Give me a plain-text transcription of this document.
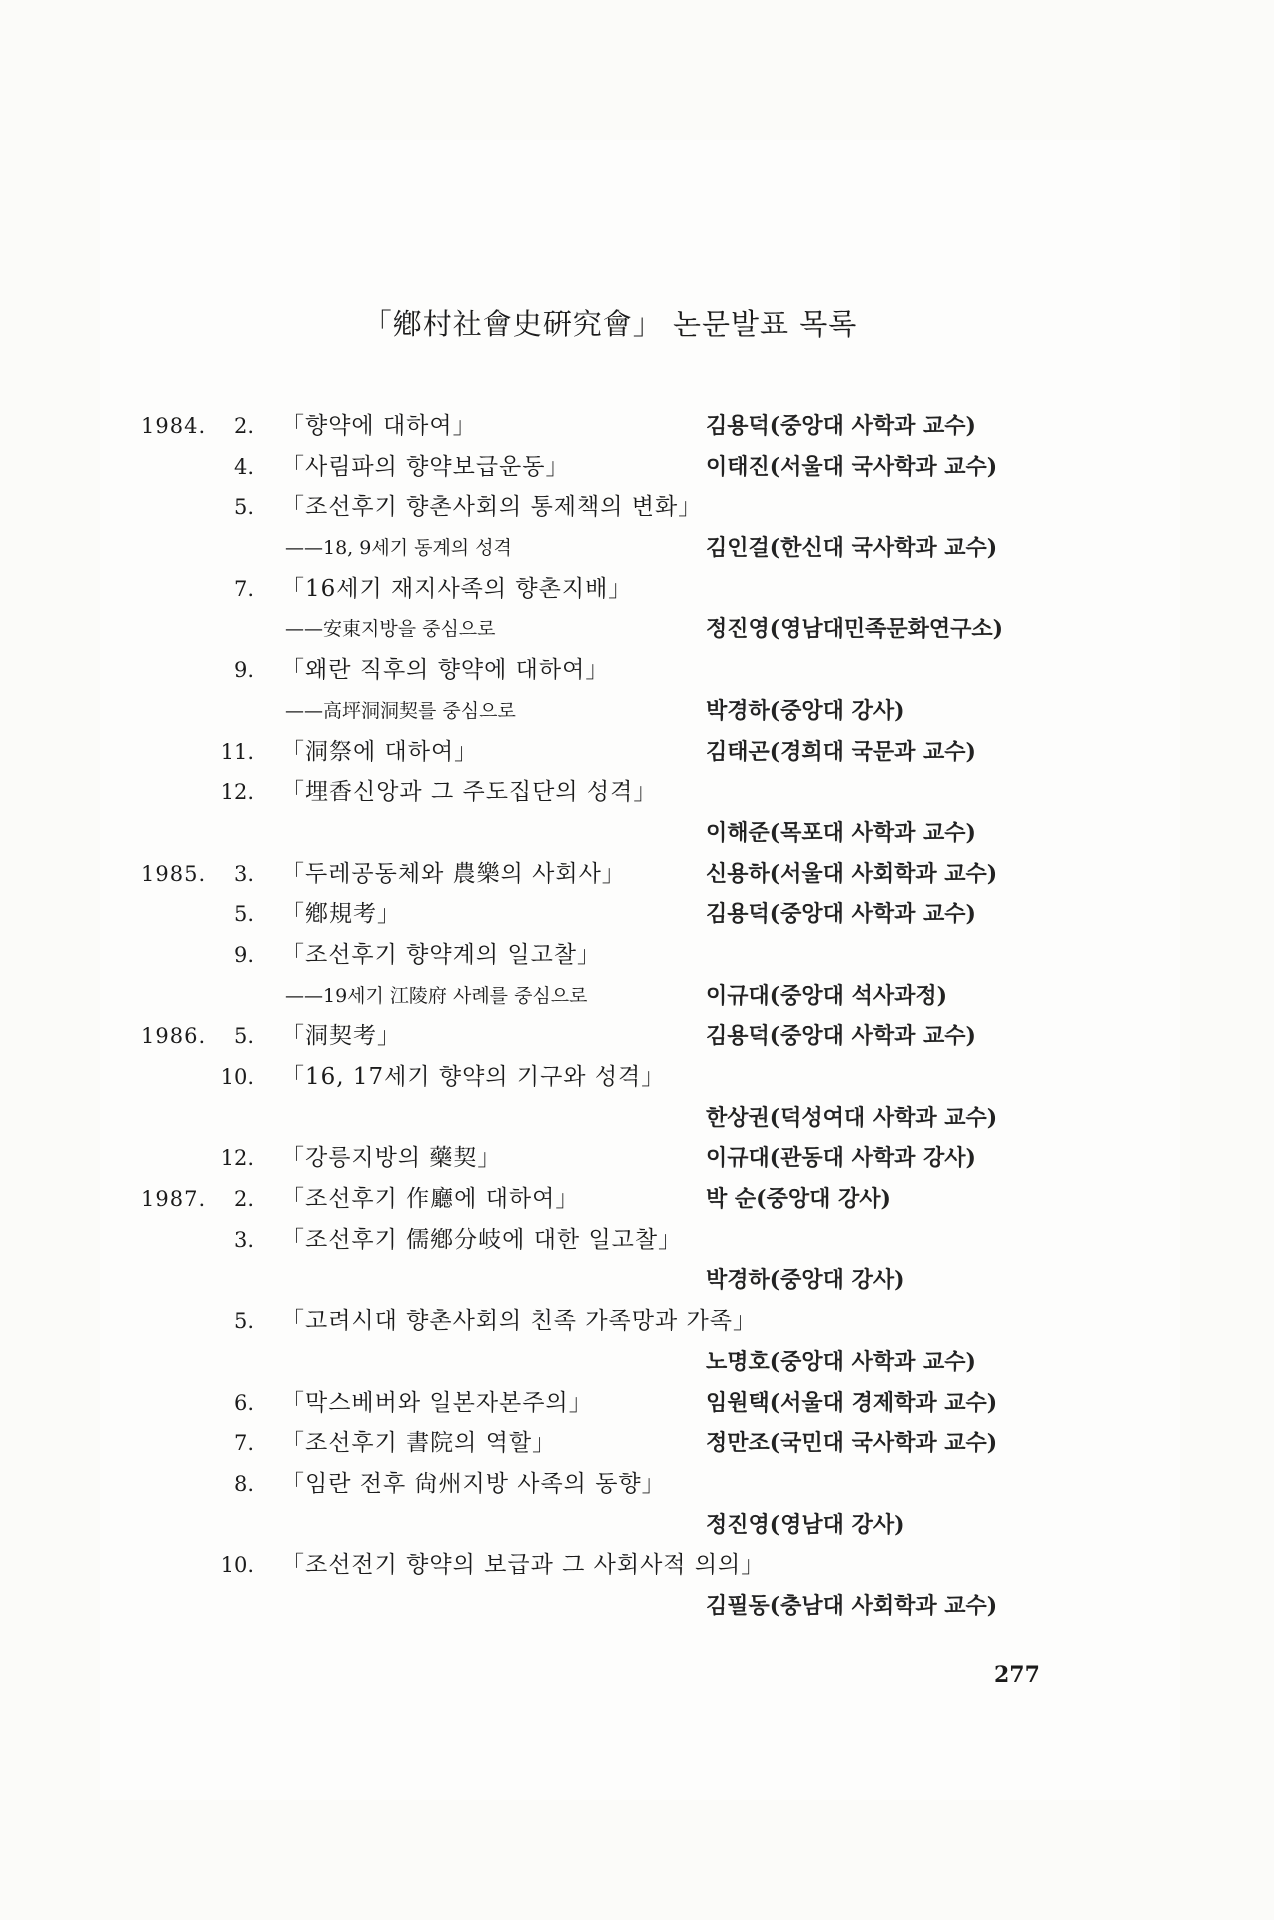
「鄕村社會史硏究會」 논문발표 목록
1984.	2. 「향약에 대하여」	김용덕(중앙대 사학과 교수)
4. 「사림파의 향약보급운동」	이태진(서울대 국사학과 교수)
5. 「조선후기 향촌사회의 통제책의 변화」
——18, 9세기 동계의 성격	김인걸(한신대 국사학과 교수)
7. 「16세기 재지사족의 향촌지배」
——安東지방을 중심으로	정진영(영남대민족문화연구소)
9. 「왜란 직후의 향약에 대하여」
——高坪洞洞契를 중심으로	박경하(중앙대 강사)
11. 「洞祭에 대하여」	김태곤(경희대 국문과 교수)
12. 「埋香신앙과 그 주도집단의 성격」
이해준(목포대 사학과 교수)
1985.	3. 「두레공동체와 農樂의 사회사」	신용하(서울대 사회학과 교수)
5. 「鄕規考」	김용덕(중앙대 사학과 교수)
9. 「조선후기 향약계의 일고찰」
——19세기 江陵府 사례를 중심으로	이규대(중앙대 석사과정)
1986.	5. 「洞契考」	김용덕(중앙대 사학과 교수)
10. 「16, 17세기 향약의 기구와 성격」
한상권(덕성여대 사학과 교수)
12. 「강릉지방의 藥契」	이규대(관동대 사학과 강사)
1987.	2. 「조선후기 作廳에 대하여」	박 순(중앙대 강사)
3. 「조선후기 儒鄕分岐에 대한 일고찰」
박경하(중앙대 강사)
5. 「고려시대 향촌사회의 친족 가족망과 가족」
노명호(중앙대 사학과 교수)
6. 「막스베버와 일본자본주의」	임원택(서울대 경제학과 교수)
7. 「조선후기 書院의 역할」	정만조(국민대 국사학과 교수)
8. 「임란 전후 尙州지방 사족의 동향」
정진영(영남대 강사)
10. 「조선전기 향약의 보급과 그 사회사적 의의」
김필동(충남대 사회학과 교수)
277
